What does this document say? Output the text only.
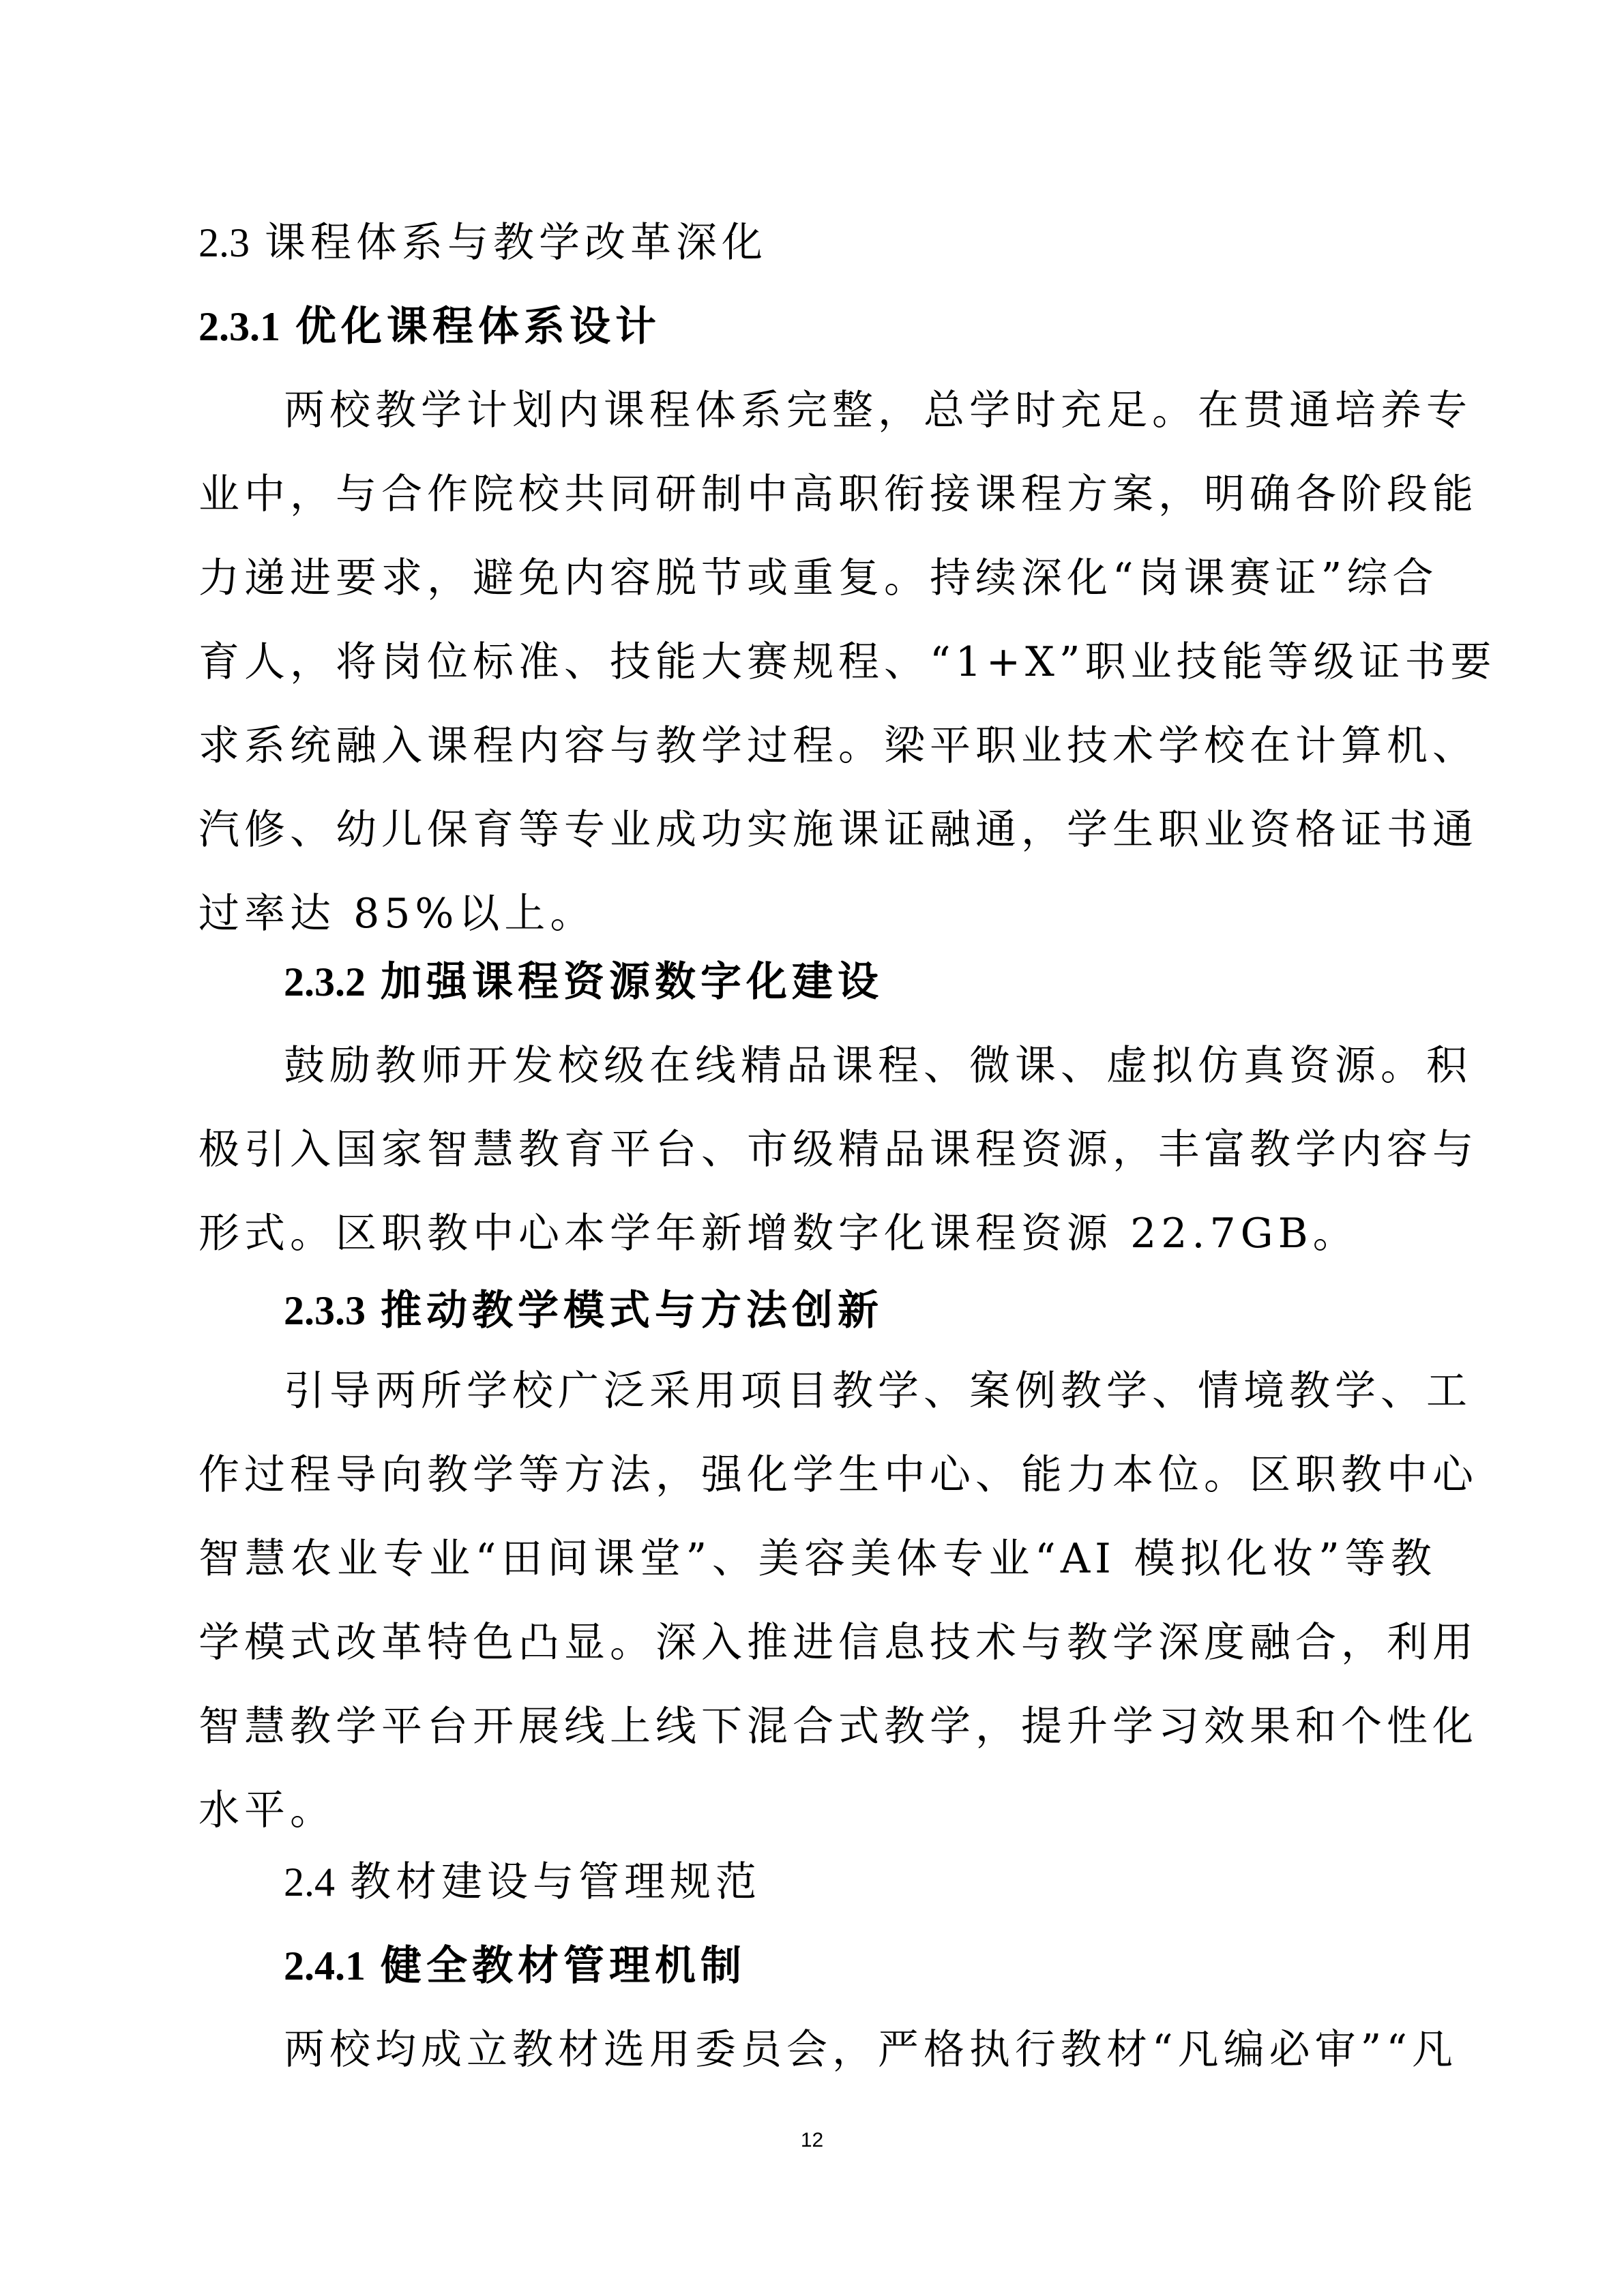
2.3 课程体系与教学改革深化
2.3.1 优化课程体系设计
两校教学计划内课程体系完整，总学时充足。在贯通培养专
业中，与合作院校共同研制中高职衔接课程方案，明确各阶段能
力递进要求，避免内容脱节或重复。持续深化“岗课赛证”综合
育人，将岗位标准、技能大赛规程、“1+X”职业技能等级证书要
求系统融入课程内容与教学过程。梁平职业技术学校在计算机、
汽修、幼儿保育等专业成功实施课证融通，学生职业资格证书通
过率达 85%以上。
2.3.2 加强课程资源数字化建设
鼓励教师开发校级在线精品课程、微课、虚拟仿真资源。积
极引入国家智慧教育平台、市级精品课程资源，丰富教学内容与
形式。区职教中心本学年新增数字化课程资源 22.7GB。
2.3.3 推动教学模式与方法创新
引导两所学校广泛采用项目教学、案例教学、情境教学、工
作过程导向教学等方法，强化学生中心、能力本位。区职教中心
智慧农业专业“田间课堂”、美容美体专业“AI 模拟化妆”等教
学模式改革特色凸显。深入推进信息技术与教学深度融合，利用
智慧教学平台开展线上线下混合式教学，提升学习效果和个性化
水平。
2.4 教材建设与管理规范
2.4.1 健全教材管理机制
两校均成立教材选用委员会，严格执行教材“凡编必审”“凡
12
